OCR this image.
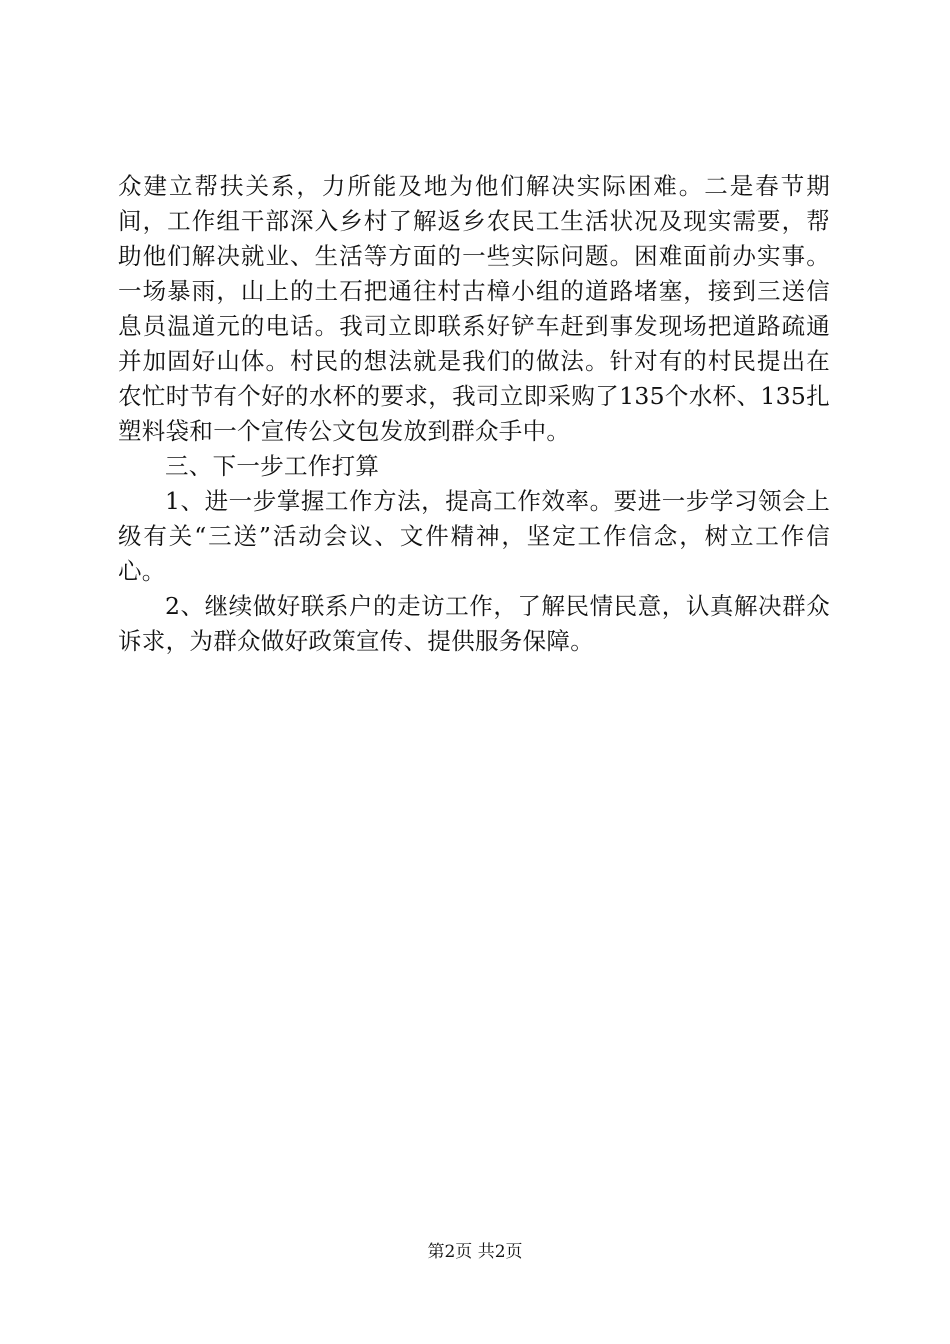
众建立帮扶关系，力所能及地为他们解决实际困难。二是春节期间，工作组干部深入乡村了解返乡农民工生活状况及现实需要，帮助他们解决就业、生活等方面的一些实际问题。困难面前办实事。一场暴雨，山上的土石把通往村古樟小组的道路堵塞，接到三送信息员温道元的电话。我司立即联系好铲车赶到事发现场把道路疏通并加固好山体。村民的想法就是我们的做法。针对有的村民提出在农忙时节有个好的水杯的要求，我司立即采购了135个水杯、135扎塑料袋和一个宣传公文包发放到群众手中。

三、下一步工作打算

1、进一步掌握工作方法，提高工作效率。要进一步学习领会上级有关“三送”活动会议、文件精神，坚定工作信念，树立工作信心。

2、继续做好联系户的走访工作，了解民情民意，认真解决群众诉求，为群众做好政策宣传、提供服务保障。

第2页 共2页
